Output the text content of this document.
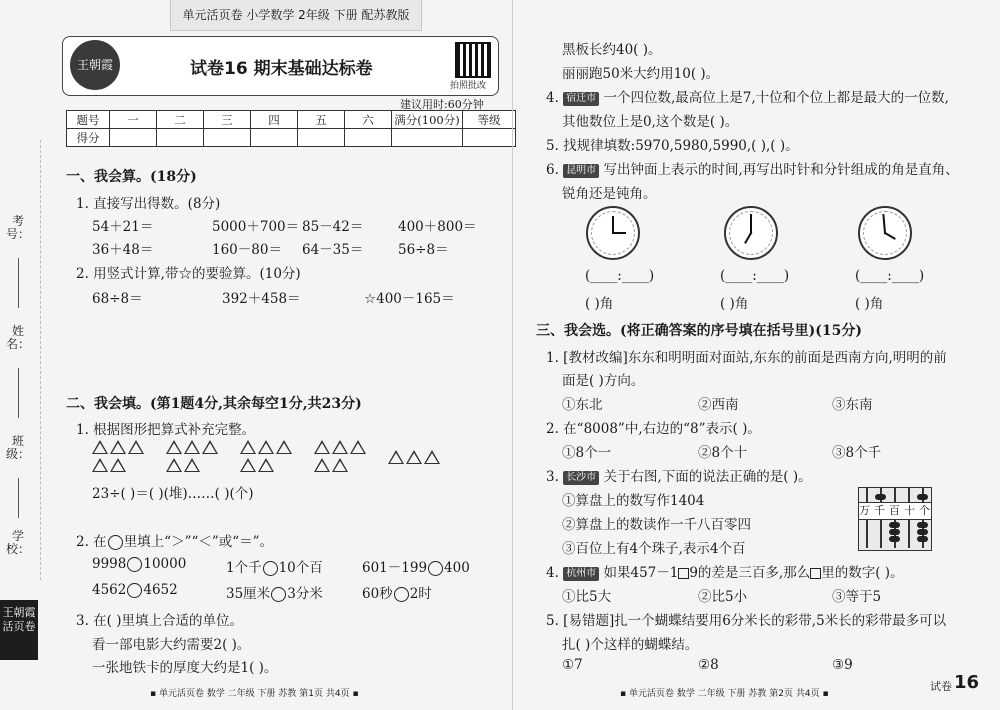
单元活页卷 小学数学 2年级 下册 配苏教版
考号：
姓名：
班级：
学校：
王朝霞 活页卷
王朝霞	试卷16 期末基础达标卷
拍照批改
建议用时:60分钟
题号	一	二	三	四	五	六	满分(100分)	等级
得分								
一、我会算。(18分)
1. 直接写出得数。(8分)
54＋21＝	5000＋700＝ 85－42＝	400＋800＝
36＋48＝	160－80＝ 64－35＝	56÷8＝
2. 用竖式计算,带☆的要验算。(10分)
68÷8＝	392＋458＝	☆400－165＝
二、我会填。(第1题4分,其余每空1分,共23分)
1. 根据图形把算式补充完整。
23÷( )＝( )(堆)……( )(个)
2. 在 里填上“＞”“＜”或“＝”。
9998 10000	1个千 10个百	601－199 400
4562 4652	35厘米 3分米	60秒 2时
3. 在( )里填上合适的单位。
看一部电影大约需要2( )。
一张地铁卡的厚度大约是1( )。
▪ 单元活页卷 数学 二年级 下册 苏教 第1页 共4页 ▪
黑板长约40( )。
丽丽跑50米大约用10( )。
4. 宿迁市 一个四位数,最高位上是7,十位和个位上都是最大的一位数,
其他数位上是0,这个数是( )。
5. 找规律填数:5970,5980,5990,( ),( )。
6. 昆明市 写出钟面上表示的时间,再写出时针和分针组成的角是直角、
锐角还是钝角。
(____:____)	(____:____)	(____:____)
( )角	( )角	( )角
三、我会选。(将正确答案的序号填在括号里)(15分)
1. [教材改编]东东和明明面对面站,东东的前面是西南方向,明明的前
面是( )方向。
①东北	②西南	③东南
2. 在“8008”中,右边的“8”表示( )。
①8个一	②8个十	③8个千
3. 长沙市 关于右图,下面的说法正确的是( )。
①算盘上的数写作1404
②算盘上的数读作一千八百零四
③百位上有4个珠子,表示4个百
万千百十个
4. 杭州市 如果457－1 9的差是三百多,那么 里的数字( )。
①比5大	②比5小	③等于5
5. [易错题]扎一个蝴蝶结要用6分米长的彩带,5米长的彩带最多可以
扎( )个这样的蝴蝶结。
①7	②8	③9
▪ 单元活页卷 数学 二年级 下册 苏教 第2页 共4页 ▪
试卷 16
